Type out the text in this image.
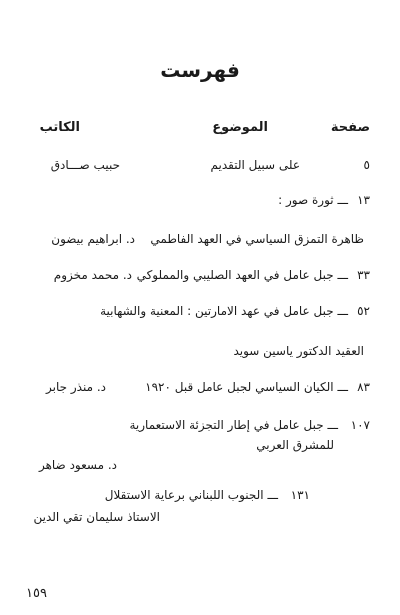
فهرست
صفحة
الموضوع
الكاتب
٥
على سبيل التقديم
حبيب صـــادق
١٣
ـــ ثورة صور :
ظاهرة التمزق السياسي في العهد الفاطمي
د. ابراهيم بيضون
٣٣
ـــ جبل عامل في العهد الصليبي والمملوكي
د. محمد مخزوم
٥٢
ـــ جبل عامل في عهد الامارتين : المعنية والشهابية
العقيد الدكتور ياسين سويد
٨٣
ـــ الكيان السياسي لجبل عامل قبل ١٩٢٠
د. منذر جابر
١٠٧
ـــ جبل عامل في إطار التجزئة الاستعمارية
للمشرق العربي
د. مسعود ضاهر
١٣١
ـــ الجنوب اللبناني برعاية الاستقلال
الاستاذ سليمان تقي الدين
١٥٩
